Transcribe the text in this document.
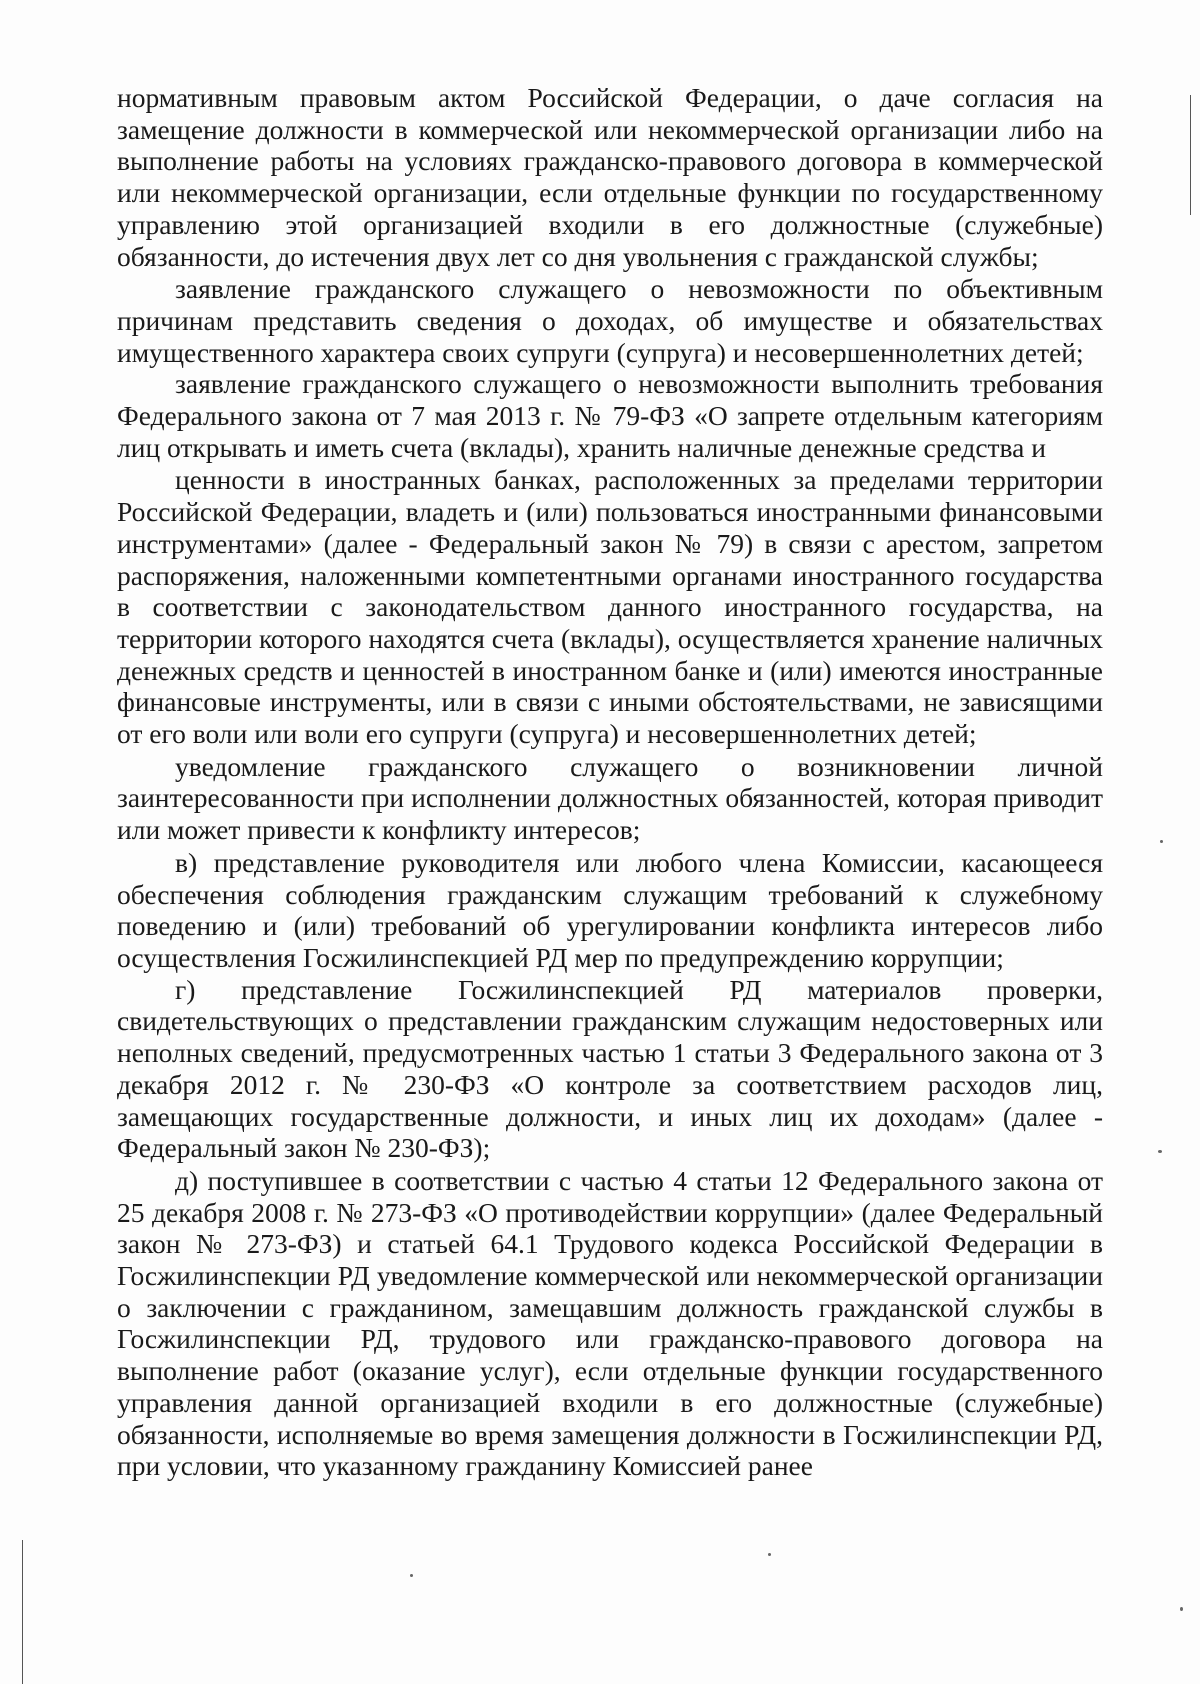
нормативным правовым актом Российской Федерации, о даче согласия на замещение должности в коммерческой или некоммерческой организации либо на выполнение работы на условиях гражданско-правового договора в коммерческой или некоммерческой организации, если отдельные функции по государственному управлению этой организацией входили в его должностные (служебные) обязанности, до истечения двух лет со дня увольнения с гражданской службы;

заявление гражданского служащего о невозможности по объективным причинам представить сведения о доходах, об имуществе и обязательствах имущественного характера своих супруги (супруга) и несовершеннолетних детей;

заявление гражданского служащего о невозможности выполнить требования Федерального закона от 7 мая 2013 г. № 79-ФЗ «О запрете отдельным категориям лиц открывать и иметь счета (вклады), хранить наличные денежные средства и

ценности в иностранных банках, расположенных за пределами территории Российской Федерации, владеть и (или) пользоваться иностранными финансовыми инструментами» (далее - Федеральный закон № 79) в связи с арестом, запретом распоряжения, наложенными компетентными органами иностранного государства в соответствии с законодательством данного иностранного государства, на территории которого находятся счета (вклады), осуществляется хранение наличных денежных средств и ценностей в иностранном банке и (или) имеются иностранные финансовые инструменты, или в связи с иными обстоятельствами, не зависящими от его воли или воли его супруги (супруга) и несовершеннолетних детей;

уведомление гражданского служащего о возникновении личной заинтересованности при исполнении должностных обязанностей, которая приводит или может привести к конфликту интересов;

в) представление руководителя или любого члена Комиссии, касающееся обеспечения соблюдения гражданским служащим требований к служебному поведению и (или) требований об урегулировании конфликта интересов либо осуществления Госжилинспекцией РД мер по предупреждению коррупции;

г) представление Госжилинспекцией РД материалов проверки, свидетельствующих о представлении гражданским служащим недостоверных или неполных сведений, предусмотренных частью 1 статьи 3 Федерального закона от 3 декабря 2012 г. № 230-ФЗ «О контроле за соответствием расходов лиц, замещающих государственные должности, и иных лиц их доходам» (далее - Федеральный закон № 230-ФЗ);

д) поступившее в соответствии с частью 4 статьи 12 Федерального закона от 25 декабря 2008 г. № 273-ФЗ «О противодействии коррупции» (далее Федеральный закон № 273-ФЗ) и статьей 64.1 Трудового кодекса Российской Федерации в Госжилинспекции РД уведомление коммерческой или некоммерческой организации о заключении с гражданином, замещавшим должность гражданской службы в Госжилинспекции РД, трудового или гражданско-правового договора на выполнение работ (оказание услуг), если отдельные функции государственного управления данной организацией входили в его должностные (служебные) обязанности, исполняемые во время замещения должности в Госжилинспекции РД, при условии, что указанному гражданину Комиссией ранее
